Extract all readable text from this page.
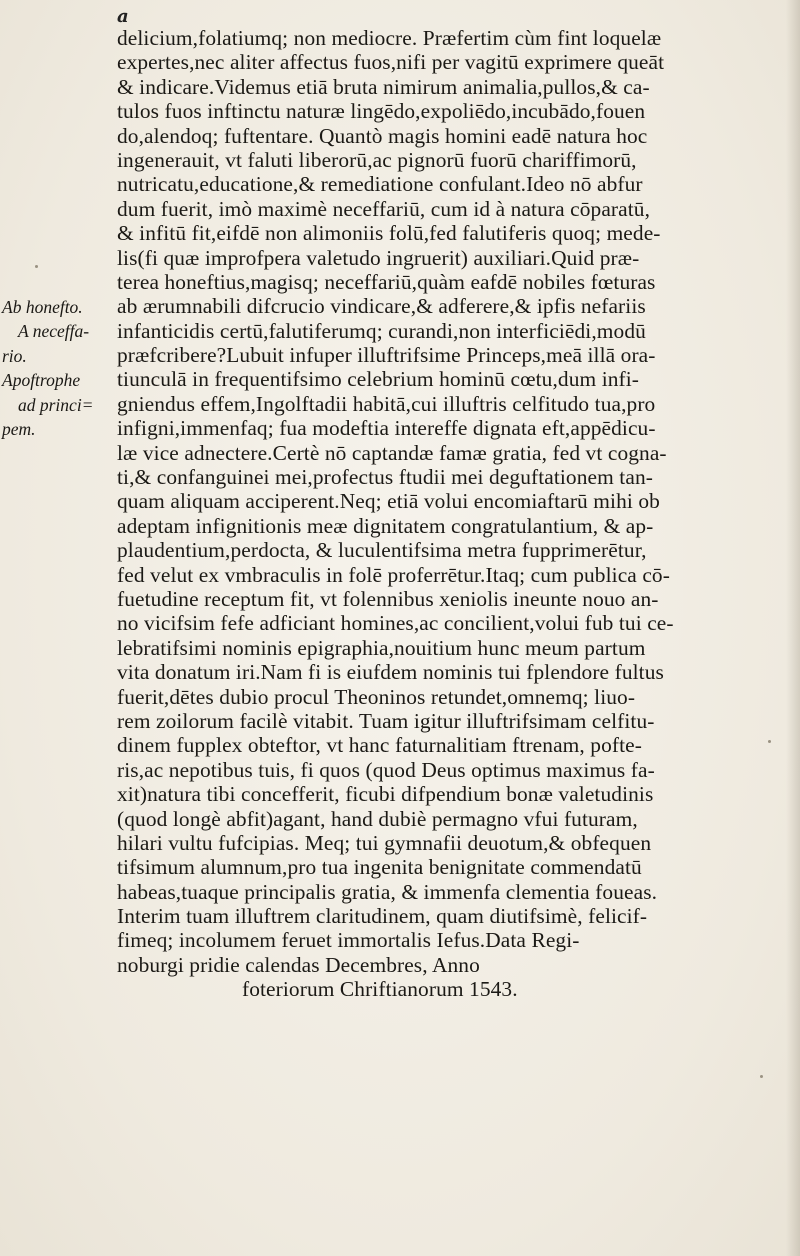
a
Ab honefto.
A neceffa-
rio.
Apoftrophe
ad princi=
pem.
delicium,folatiumq; non mediocre. Præfertim cùm fint loquelæ
expertes,nec aliter affectus fuos,nifi per vagitū exprimere queāt
& indicare.Videmus etiā bruta nimirum animalia,pullos,& ca-
tulos fuos inftinctu naturæ lingēdo,expoliēdo,incubādo,fouen
do,alendoq; fuftentare. Quantò magis homini eadē natura hoc
ingenerauit, vt faluti liberorū,ac pignorū fuorū chariffimorū,
nutricatu,educatione,& remediatione confulant.Ideo nō abfur
dum fuerit, imò maximè neceffariū, cum id à natura cōparatū,
& infitū fit,eifdē non alimoniis folū,fed falutiferis quoq; mede-
lis(fi quæ improfpera valetudo ingruerit) auxiliari.Quid præ-
terea honeftius,magisq; neceffariū,quàm eafdē nobiles fœturas
ab ærumnabili difcrucio vindicare,& adferere,& ipfis nefariis
infanticidis certū,falutiferumq; curandi,non interficiēdi,modū
præfcribere?Lubuit infuper illuftrifsime Princeps,meā illā ora-
tiunculā in frequentifsimo celebrium hominū cœtu,dum infi-
gniendus effem,Ingolftadii habitā,cui illuftris celfitudo tua,pro
infigni,immenfaq; fua modeftia intereffe dignata eft,appēdicu-
læ vice adnectere.Certè nō captandæ famæ gratia, fed vt cogna-
ti,& confanguinei mei,profectus ftudii mei deguftationem tan-
quam aliquam acciperent.Neq; etiā volui encomiaftarū mihi ob
adeptam infignitionis meæ dignitatem congratulantium, & ap-
plaudentium,perdocta, & luculentifsima metra fupprimerētur,
fed velut ex vmbraculis in folē proferrētur.Itaq; cum publica cō-
fuetudine receptum fit, vt folennibus xeniolis ineunte nouo an-
no vicifsim fefe adficiant homines,ac concilient,volui fub tui ce-
lebratifsimi nominis epigraphia,nouitium hunc meum partum
vita donatum iri.Nam fi is eiufdem nominis tui fplendore fultus
fuerit,dētes dubio procul Theoninos retundet,omnemq; liuo-
rem zoilorum facilè vitabit. Tuam igitur illuftrifsimam celfitu-
dinem fupplex obteftor, vt hanc faturnalitiam ftrenam, pofte-
ris,ac nepotibus tuis, fi quos (quod Deus optimus maximus fa-
xit)natura tibi concefferit, ficubi difpendium bonæ valetudinis
(quod longè abfit)agant, hand dubiè permagno vfui futuram,
hilari vultu fufcipias. Meq; tui gymnafii deuotum,& obfequen
tifsimum alumnum,pro tua ingenita benignitate commendatū
habeas,tuaque principalis gratia, & immenfa clementia foueas.
Interim tuam illuftrem claritudinem, quam diutifsimè, felicif-
fimeq; incolumem feruet immortalis Iefus.Data Regi-
noburgi pridie calendas Decembres, Anno
foteriorum Chriftianorum 1543.
